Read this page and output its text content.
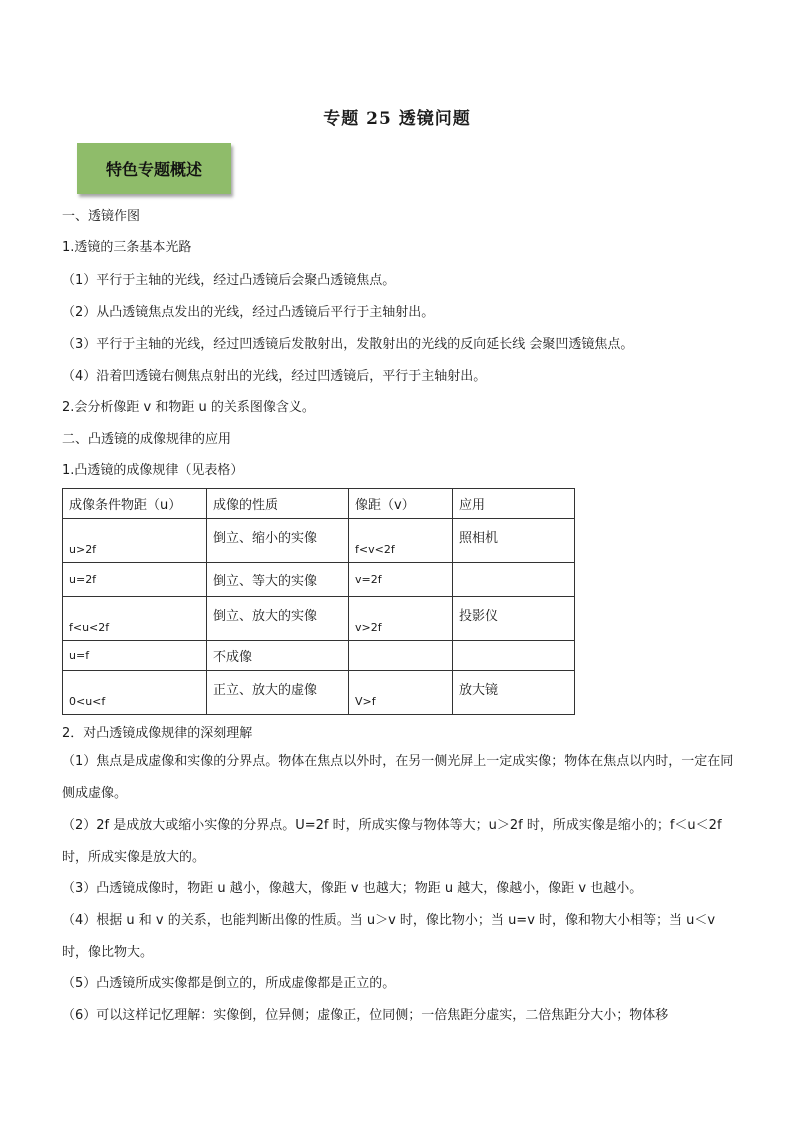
专题 25 透镜问题
特色专题概述
一、透镜作图
1.透镜的三条基本光路
（1）平行于主轴的光线，经过凸透镜后会聚凸透镜焦点。
（2）从凸透镜焦点发出的光线，经过凸透镜后平行于主轴射出。
（3）平行于主轴的光线，经过凹透镜后发散射出，发散射出的光线的反向延长线 会聚凹透镜焦点。
（4）沿着凹透镜右侧焦点射出的光线，经过凹透镜后，平行于主轴射出。
2.会分析像距 v 和物距 u 的关系图像含义。
二、凸透镜的成像规律的应用
1.凸透镜的成像规律（见表格）
成像条件物距（u）	成像的性质	像距（v）	应用
u>2f	倒立、缩小的实像	f<v<2f	照相机
u=2f	倒立、等大的实像	v=2f	
f<u<2f	倒立、放大的实像	v>2f	投影仪
u=f	不成像		
0<u<f	正立、放大的虚像	V>f	放大镜
2．对凸透镜成像规律的深刻理解
（1）焦点是成虚像和实像的分界点。物体在焦点以外时，在另一侧光屏上一定成实像；物体在焦点以内时，一定在同侧成虚像。
（2）2f 是成放大或缩小实像的分界点。U=2f 时，所成实像与物体等大；u＞2f 时，所成实像是缩小的；f＜u＜2f 时，所成实像是放大的。
（3）凸透镜成像时，物距 u 越小，像越大，像距 v 也越大；物距 u 越大，像越小，像距 v 也越小。
（4）根据 u 和 v 的关系，也能判断出像的性质。当 u＞v 时，像比物小；当 u=v 时，像和物大小相等；当 u＜v 时，像比物大。
（5）凸透镜所成实像都是倒立的，所成虚像都是正立的。
（6）可以这样记忆理解：实像倒，位异侧；虚像正，位同侧；一倍焦距分虚实，二倍焦距分大小；物体移
